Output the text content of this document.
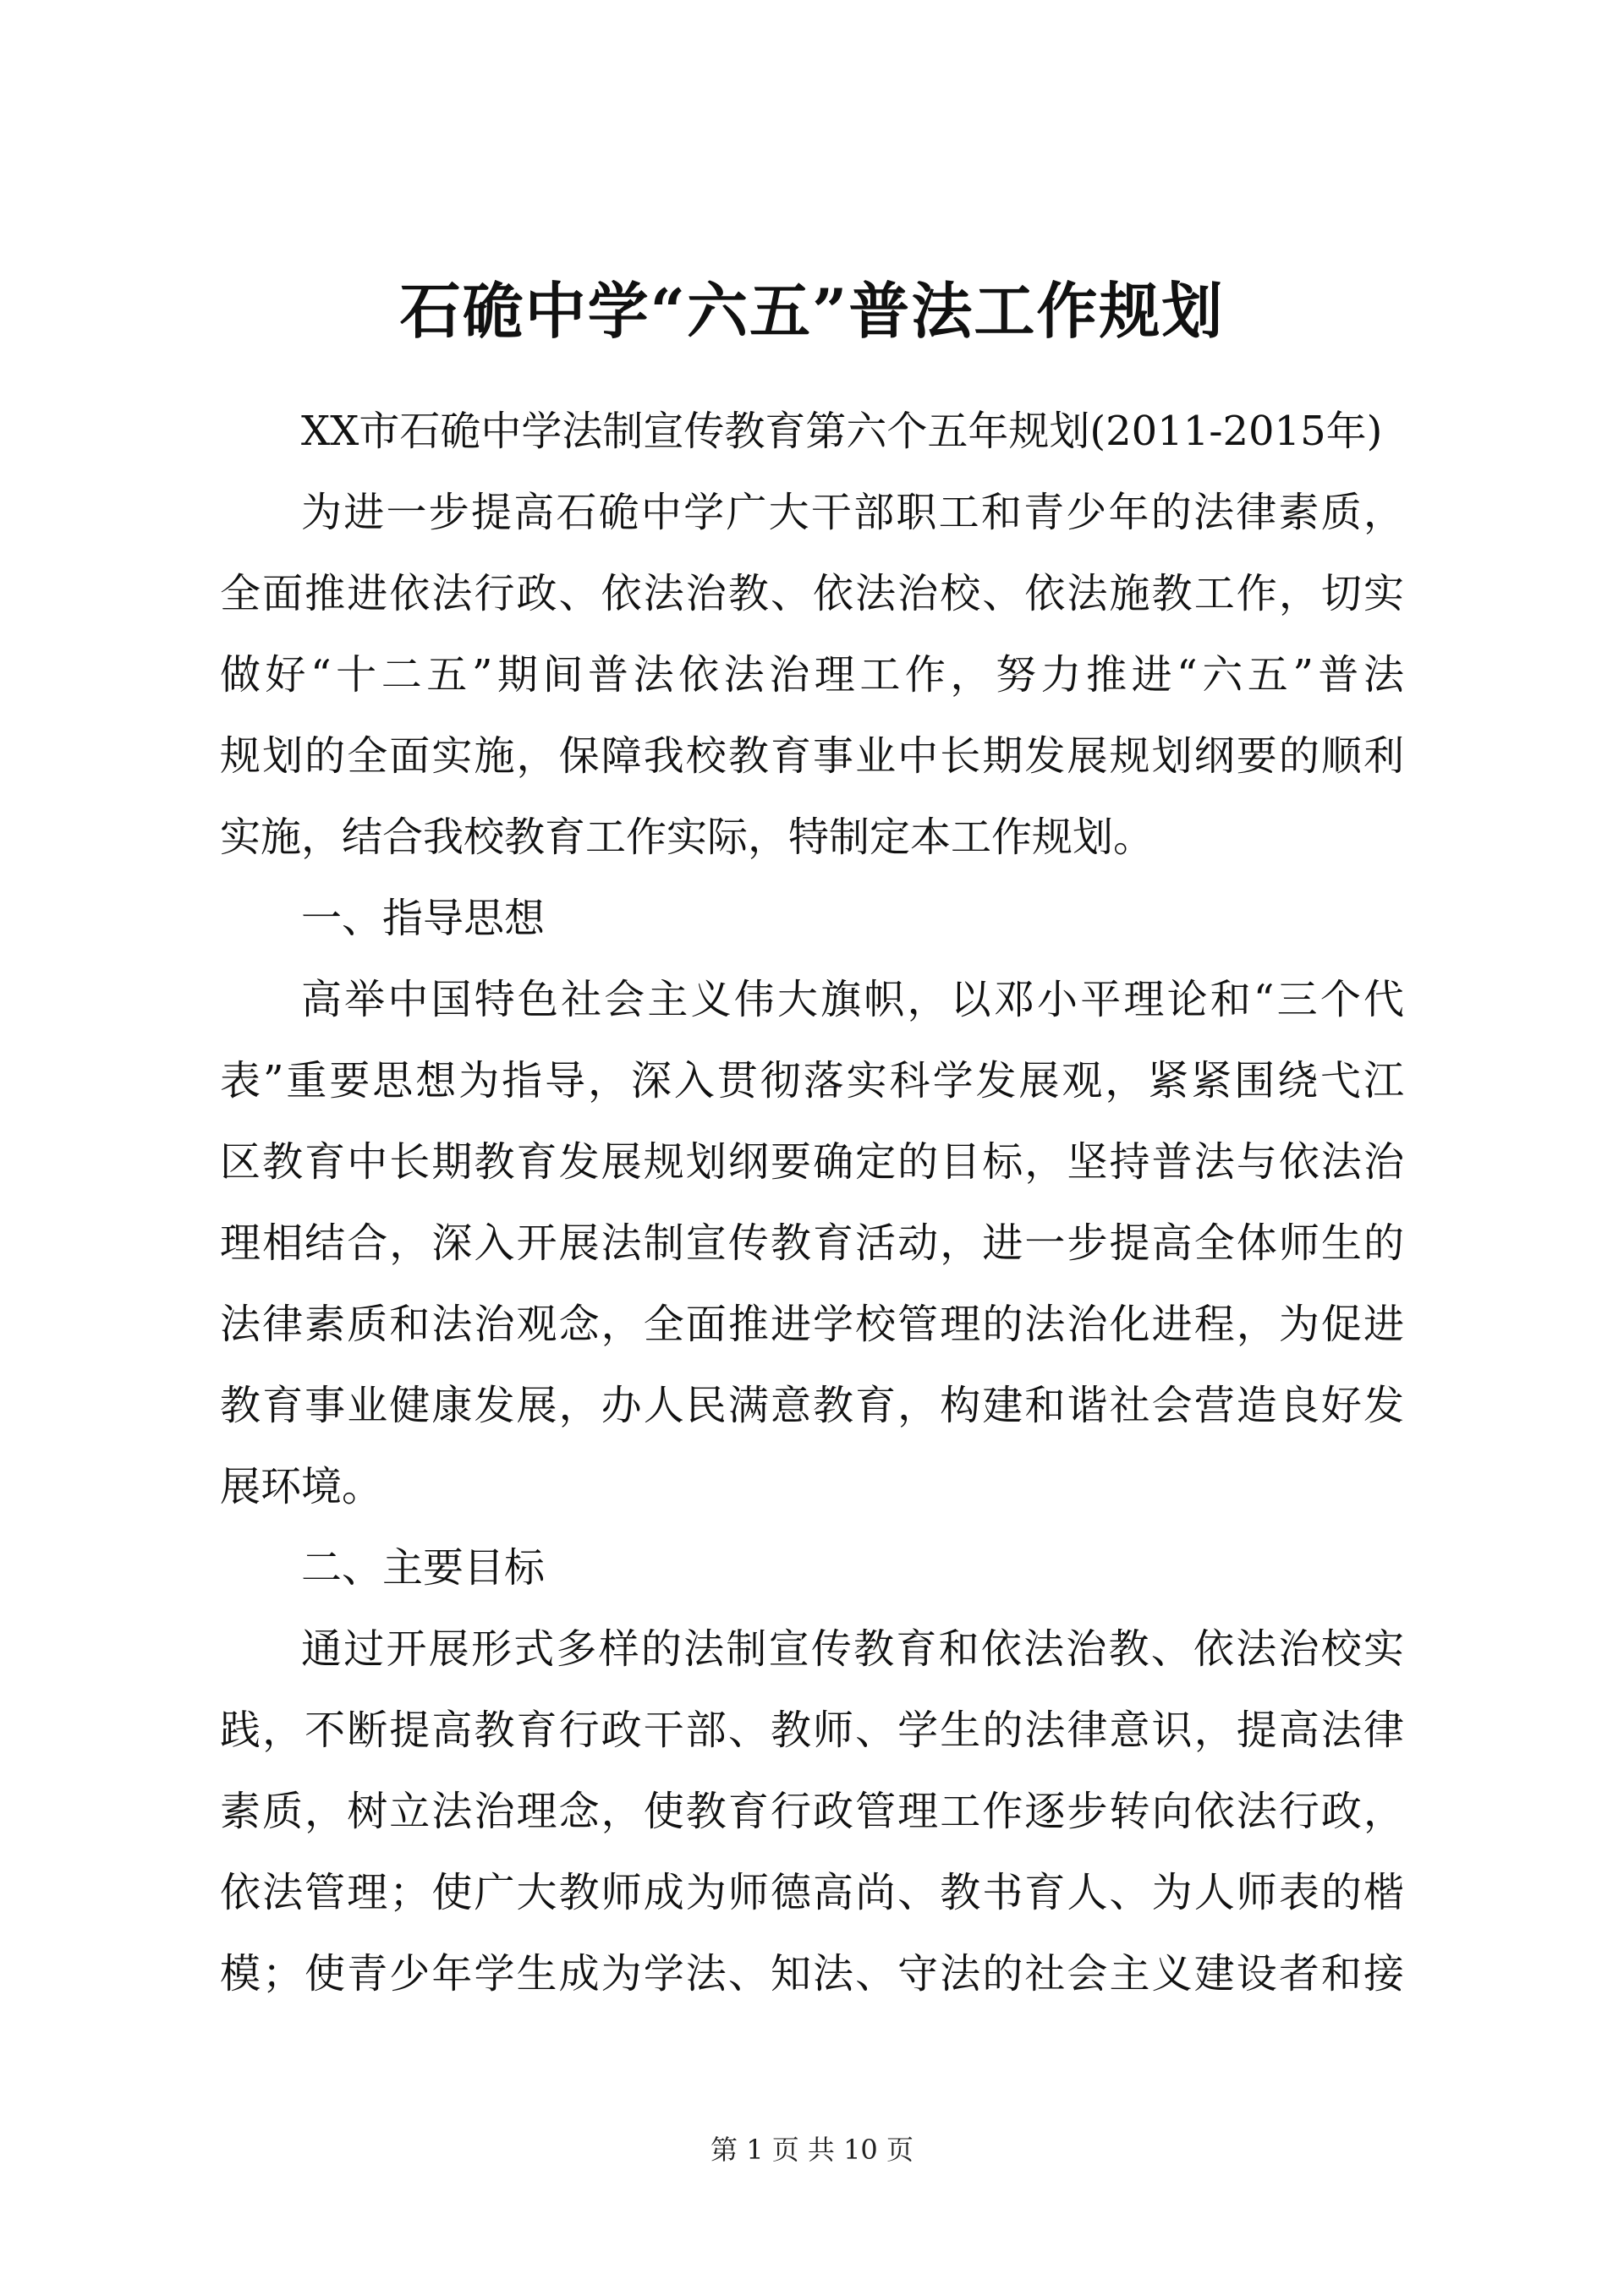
石硊中学“六五”普法工作规划
XX市石硊中学法制宣传教育第六个五年规划(2011-2015年)
为进一步提高石硊中学广大干部职工和青少年的法律素质，
全面推进依法行政、依法治教、依法治校、依法施教工作，切实
做好“十二五”期间普法依法治理工作，努力推进“六五”普法
规划的全面实施，保障我校教育事业中长期发展规划纲要的顺利
实施，结合我校教育工作实际，特制定本工作规划。
一、指导思想
高举中国特色社会主义伟大旗帜，以邓小平理论和“三个代
表”重要思想为指导，深入贯彻落实科学发展观，紧紧围绕弋江
区教育中长期教育发展规划纲要确定的目标，坚持普法与依法治
理相结合，深入开展法制宣传教育活动，进一步提高全体师生的
法律素质和法治观念，全面推进学校管理的法治化进程，为促进
教育事业健康发展，办人民满意教育，构建和谐社会营造良好发
展环境。
二、主要目标
通过开展形式多样的法制宣传教育和依法治教、依法治校实
践，不断提高教育行政干部、教师、学生的法律意识，提高法律
素质，树立法治理念，使教育行政管理工作逐步转向依法行政，
依法管理；使广大教师成为师德高尚、教书育人、为人师表的楷
模；使青少年学生成为学法、知法、守法的社会主义建设者和接
第 1 页 共 10 页
